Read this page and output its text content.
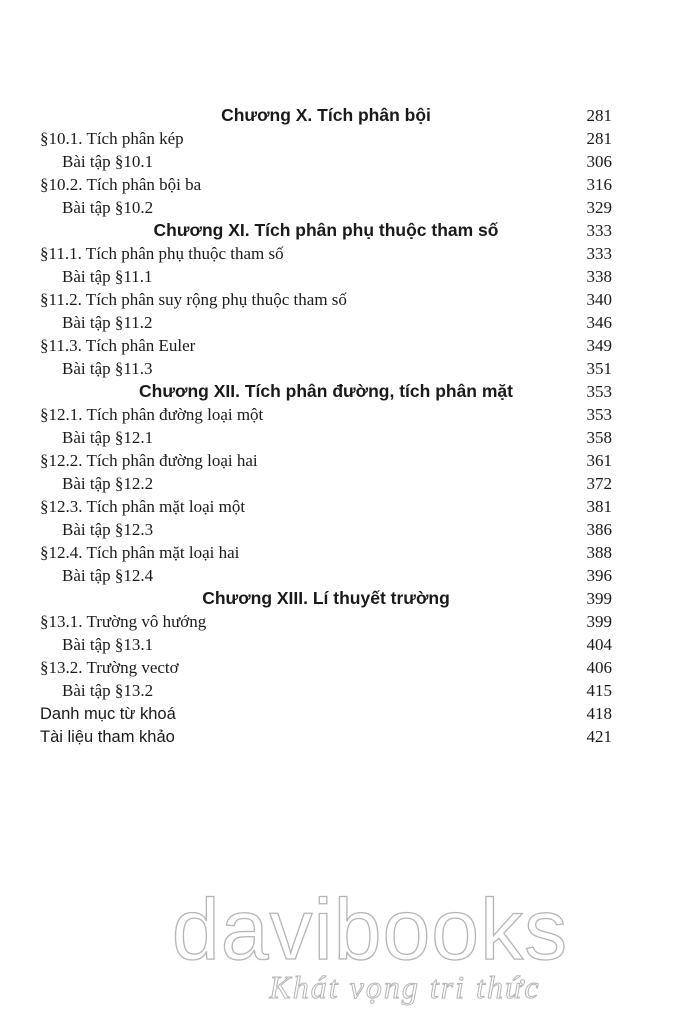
Chương X. Tích phân bội	281
§10.1. Tích phân kép	281
Bài tập §10.1	306
§10.2. Tích phân bội ba	316
Bài tập §10.2	329
Chương XI. Tích phân phụ thuộc tham số	333
§11.1. Tích phân phụ thuộc tham số	333
Bài tập §11.1	338
§11.2. Tích phân suy rộng phụ thuộc tham số	340
Bài tập §11.2	346
§11.3. Tích phân Euler	349
Bài tập §11.3	351
Chương XII. Tích phân đường, tích phân mặt	353
§12.1. Tích phân đường loại một	353
Bài tập §12.1	358
§12.2. Tích phân đường loại hai	361
Bài tập §12.2	372
§12.3. Tích phân mặt loại một	381
Bài tập §12.3	386
§12.4. Tích phân mặt loại hai	388
Bài tập §12.4	396
Chương XIII. Lí thuyết trường	399
§13.1. Trường vô hướng	399
Bài tập §13.1	404
§13.2. Trường vectơ	406
Bài tập §13.2	415
Danh mục từ khoá	418
Tài liệu tham khảo	421
davibooks
Khát vọng tri thức
